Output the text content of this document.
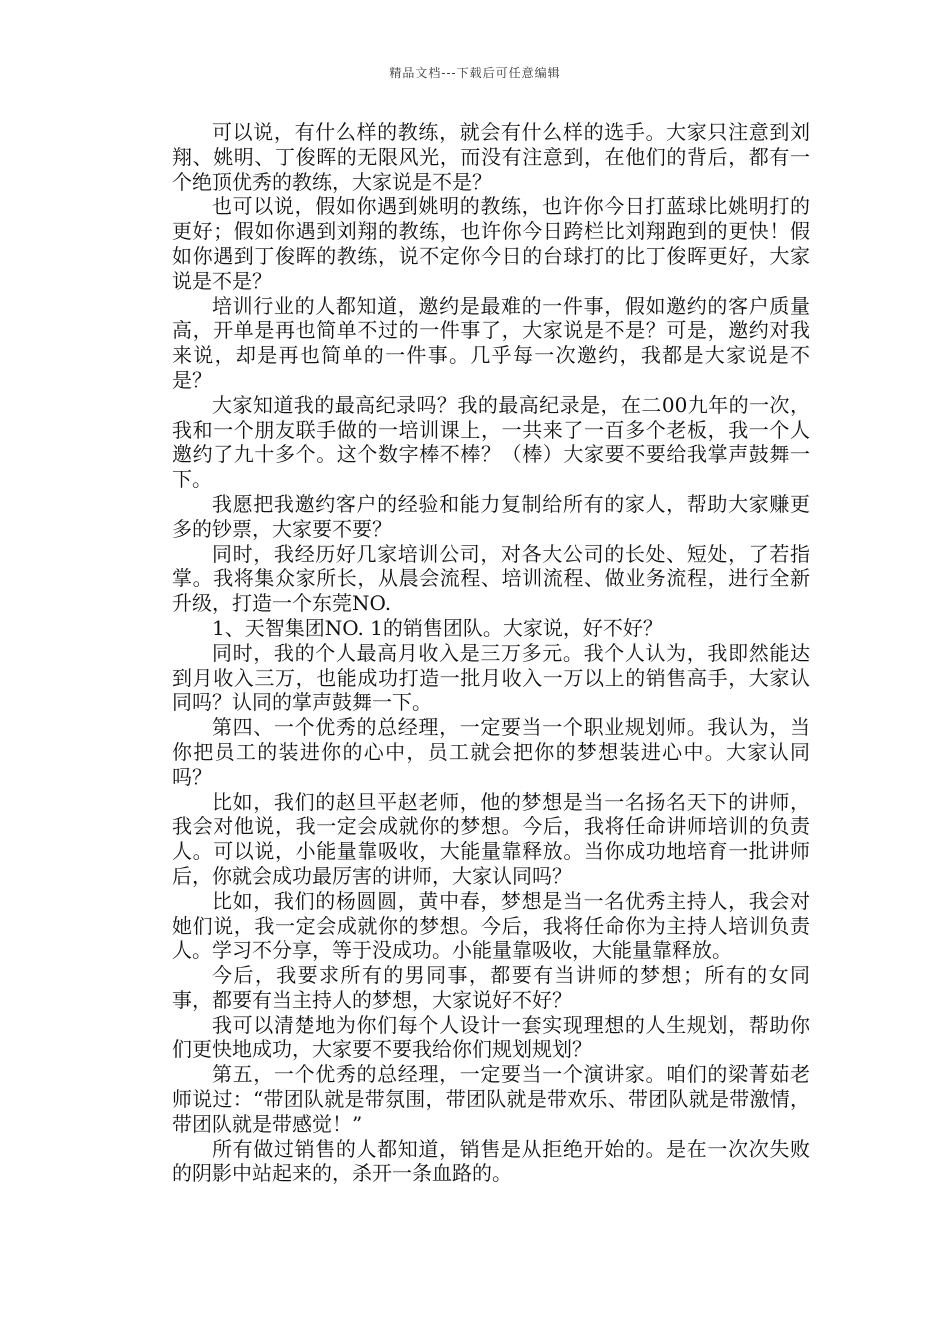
精品文档---下载后可任意编辑

可以说，有什么样的教练，就会有什么样的选手。大家只注意到刘翔、姚明、丁俊晖的无限风光，而没有注意到，在他们的背后，都有一个绝顶优秀的教练，大家说是不是？

也可以说，假如你遇到姚明的教练，也许你今日打蓝球比姚明打的更好；假如你遇到刘翔的教练，也许你今日跨栏比刘翔跑到的更快！假如你遇到丁俊晖的教练，说不定你今日的台球打的比丁俊晖更好，大家说是不是？

培训行业的人都知道，邀约是最难的一件事，假如邀约的客户质量高，开单是再也简单不过的一件事了，大家说是不是？可是，邀约对我来说，却是再也简单的一件事。几乎每一次邀约，我都是大家说是不是？

大家知道我的最高纪录吗？我的最高纪录是，在二00九年的一次，我和一个朋友联手做的一培训课上，一共来了一百多个老板，我一个人邀约了九十多个。这个数字棒不棒？（棒）大家要不要给我掌声鼓舞一下。

我愿把我邀约客户的经验和能力复制给所有的家人，帮助大家赚更多的钞票，大家要不要？

同时，我经历好几家培训公司，对各大公司的长处、短处，了若指掌。我将集众家所长，从晨会流程、培训流程、做业务流程，进行全新升级，打造一个东莞NO.

1、天智集团NO. 1的销售团队。大家说，好不好？

同时，我的个人最高月收入是三万多元。我个人认为，我即然能达到月收入三万，也能成功打造一批月收入一万以上的销售高手，大家认同吗？认同的掌声鼓舞一下。

第四、一个优秀的总经理，一定要当一个职业规划师。我认为，当你把员工的装进你的心中，员工就会把你的梦想装进心中。大家认同吗？

比如，我们的赵旦平赵老师，他的梦想是当一名扬名天下的讲师，我会对他说，我一定会成就你的梦想。今后，我将任命讲师培训的负责人。可以说，小能量靠吸收，大能量靠释放。当你成功地培育一批讲师后，你就会成功最厉害的讲师，大家认同吗？

比如，我们的杨圆圆，黄中春，梦想是当一名优秀主持人，我会对她们说，我一定会成就你的梦想。今后，我将任命你为主持人培训负责人。学习不分享，等于没成功。小能量靠吸收，大能量靠释放。

今后，我要求所有的男同事，都要有当讲师的梦想；所有的女同事，都要有当主持人的梦想，大家说好不好？

我可以清楚地为你们每个人设计一套实现理想的人生规划，帮助你们更快地成功，大家要不要我给你们规划规划？

第五，一个优秀的总经理，一定要当一个演讲家。咱们的梁菁茹老师说过：“带团队就是带氛围，带团队就是带欢乐、带团队就是带激情，带团队就是带感觉！”

所有做过销售的人都知道，销售是从拒绝开始的。是在一次次失败的阴影中站起来的，杀开一条血路的。
